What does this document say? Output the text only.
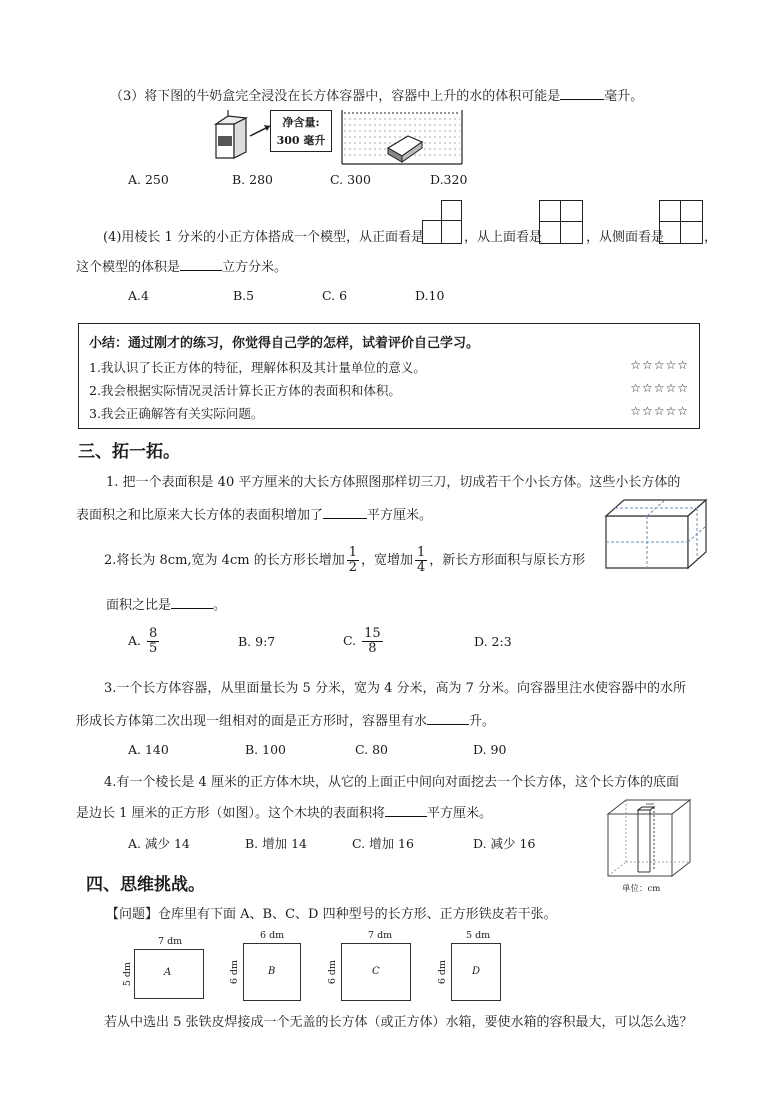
（3）将下图的牛奶盒完全浸没在长方体容器中，容器中上升的水的体积可能是	毫升。
净含量:
300 毫升
A. 250	B. 280	C. 300	D.320
(4)用棱长 1 分米的小正方体搭成一个模型，从正面看是	，从上面看是	，从侧面看是	，
这个模型的体积是	立方分米。
A.4	B.5	C. 6	D.10
小结：通过刚才的练习，你觉得自己学的怎样，试着评价自己学习。
1.我认识了长正方体的特征，理解体积及其计量单位的意义。	☆☆☆☆☆
2.我会根据实际情况灵活计算长正方体的表面积和体积。	☆☆☆☆☆
3.我会正确解答有关实际问题。	☆☆☆☆☆
三、拓一拓。
1. 把一个表面积是 40 平方厘米的大长方体照图那样切三刀，切成若干个小长方体。这些小长方体的
表面积之和比原来大长方体的表面积增加了	平方厘米。
2.将长为 8cm,宽为 4cm 的长方形长增加 $\frac{1}{2}$ ，宽增加 $\frac{1}{4}$ ，新长方形面积与原长方形
面积之比是	。
A. $\frac{8}{5}$	B. 9:7	C. $\frac{15}{8}$	D. 2:3
3.一个长方体容器，从里面量长为 5 分米，宽为 4 分米，高为 7 分米。向容器里注水使容器中的水所
形成长方体第二次出现一组相对的面是正方形时，容器里有水	升。
A. 140	B. 100	C. 80	D. 90
4.有一个棱长是 4 厘米的正方体木块，从它的上面正中间向对面挖去一个长方体，这个长方体的底面
是边长 1 厘米的正方形（如图）。这个木块的表面积将	平方厘米。
A. 减少 14	B. 增加 14	C. 增加 16	D. 减少 16
单位：cm
四、思维挑战。
【问题】仓库里有下面 A、B、C、D 四种型号的长方形、正方形铁皮若干张。
7 dm
5 dm	A
6 dm
6 dm	B
7 dm
6 dm	C
5 dm
6 dm D
若从中选出 5 张铁皮焊接成一个无盖的长方体（或正方体）水箱，要使水箱的容积最大，可以怎么选？
